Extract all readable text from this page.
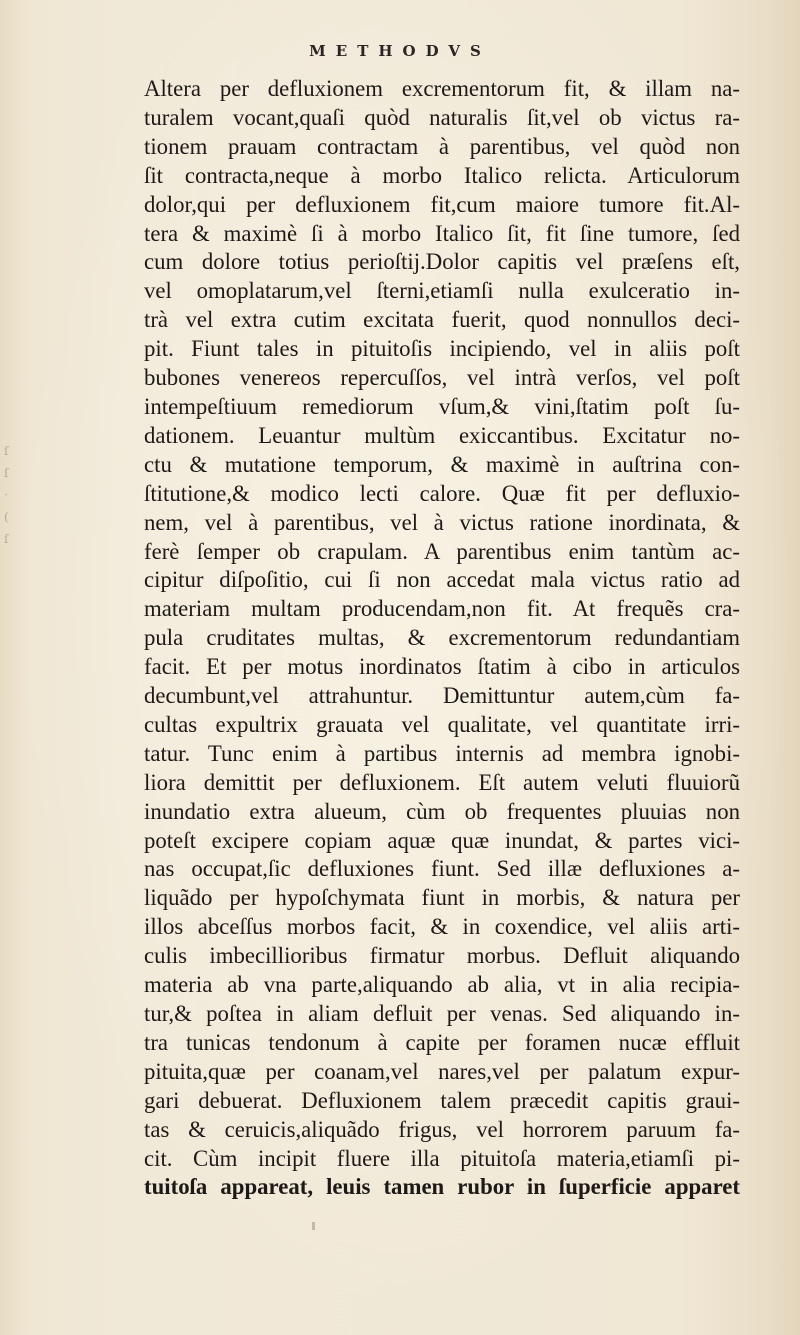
ſ
ſ
·
(
ſ
METHODVS
Altera per defluxionem excrementorum fit, & illam na-
turalem vocant,quaſi quòd naturalis ſit,vel ob victus ra-
tionem prauam contractam à parentibus, vel quòd non
ſit contracta,neque à morbo Italico relicta. Articulorum
dolor,qui per defluxionem fit,cum maiore tumore fit.Al-
tera & maximè ſi à morbo Italico ſit, fit ſine tumore, ſed
cum dolore totius perioſtij.Dolor capitis vel præſens eſt,
vel omoplatarum,vel ſterni,etiamſi nulla exulceratio in-
trà vel extra cutim excitata fuerit, quod nonnullos deci-
pit. Fiunt tales in pituitoſis incipiendo, vel in aliis poſt
bubones venereos repercuſſos, vel intrà verſos, vel poſt
intempeſtiuum remediorum vſum,& vini,ſtatim poſt ſu-
dationem. Leuantur multùm exiccantibus. Excitatur no-
ctu & mutatione temporum, & maximè in auſtrina con-
ſtitutione,& modico lecti calore. Quæ fit per defluxio-
nem, vel à parentibus, vel à victus ratione inordinata, &
ferè ſemper ob crapulam. A parentibus enim tantùm ac-
cipitur diſpoſitio, cui ſi non accedat mala victus ratio ad
materiam multam producendam,non fit. At frequẽs cra-
pula cruditates multas, & excrementorum redundantiam
facit. Et per motus inordinatos ſtatim à cibo in articulos
decumbunt,vel attrahuntur. Demittuntur autem,cùm fa-
cultas expultrix grauata vel qualitate, vel quantitate irri-
tatur. Tunc enim à partibus internis ad membra ignobi-
liora demittit per defluxionem. Eſt autem veluti fluuiorũ
inundatio extra alueum, cùm ob frequentes pluuias non
poteſt excipere copiam aquæ quæ inundat, & partes vici-
nas occupat,ſic defluxiones fiunt. Sed illæ defluxiones a-
liquãdo per hypoſchymata fiunt in morbis, & natura per
illos abceſſus morbos facit, & in coxendice, vel aliis arti-
culis imbecillioribus firmatur morbus. Defluit aliquando
materia ab vna parte,aliquando ab alia, vt in alia recipia-
tur,& poſtea in aliam defluit per venas. Sed aliquando in-
tra tunicas tendonum à capite per foramen nucæ effluit
pituita,quæ per coanam,vel nares,vel per palatum expur-
gari debuerat. Defluxionem talem præcedit capitis graui-
tas & ceruicis,aliquãdo frigus, vel horrorem paruum fa-
cit. Cùm incipit fluere illa pituitoſa materia,etiamſi pi-
tuitoſa appareat, leuis tamen rubor in ſuperficie apparet
